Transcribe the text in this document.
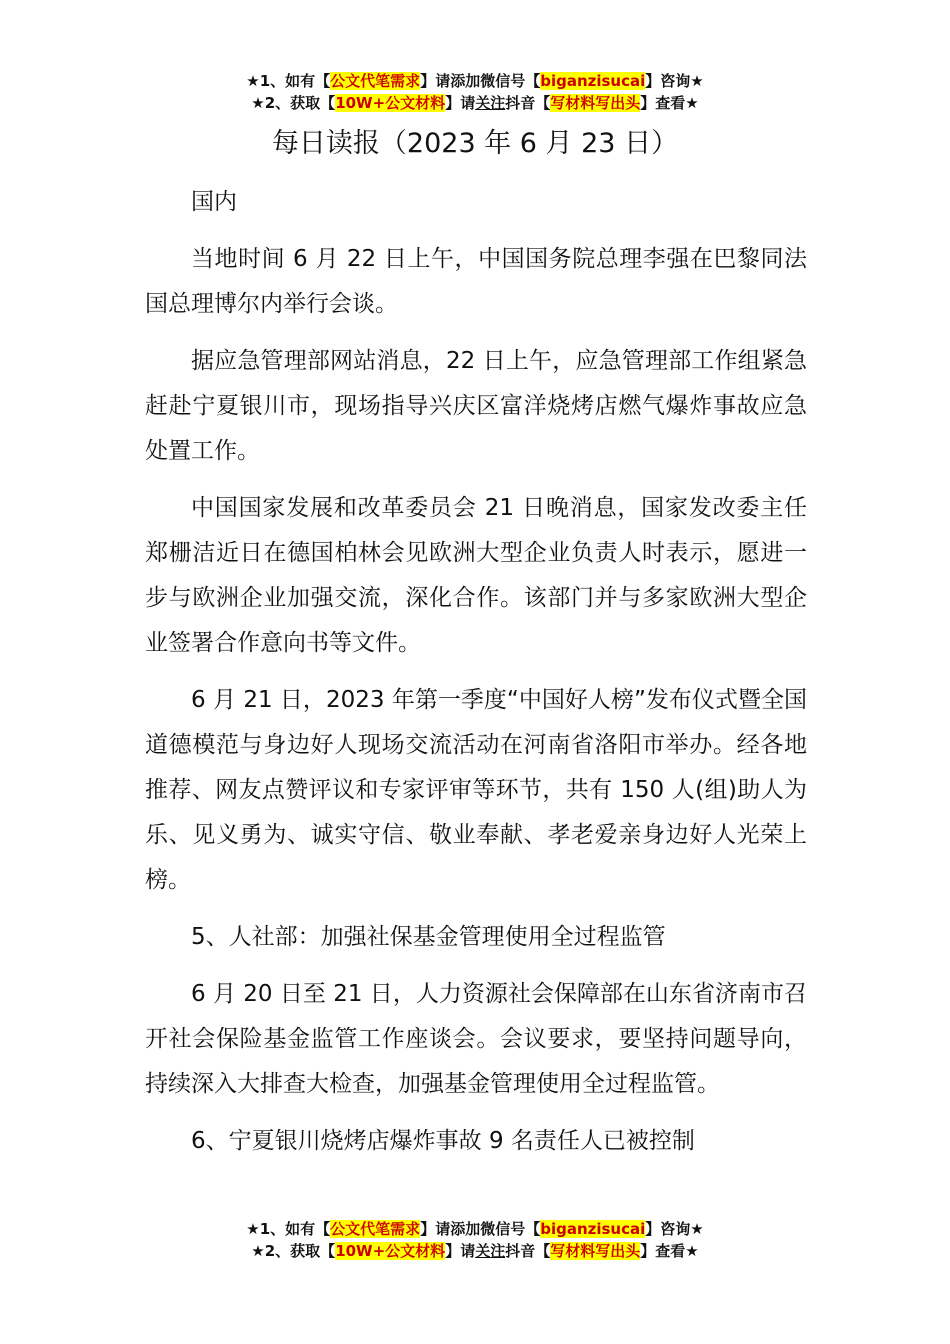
★1、如有【公文代笔需求】请添加微信号【biganzisucai】咨询★
★2、获取【10W+公文材料】请关注抖音【写材料写出头】查看★
每日读报（2023 年 6 月 23 日）

国内

当地时间 6 月 22 日上午，中国国务院总理李强在巴黎同法国总理博尔内举行会谈。

据应急管理部网站消息，22 日上午，应急管理部工作组紧急赶赴宁夏银川市，现场指导兴庆区富洋烧烤店燃气爆炸事故应急处置工作。

中国国家发展和改革委员会 21 日晚消息，国家发改委主任郑栅洁近日在德国柏林会见欧洲大型企业负责人时表示，愿进一步与欧洲企业加强交流，深化合作。该部门并与多家欧洲大型企业签署合作意向书等文件。

6 月 21 日，2023 年第一季度“中国好人榜”发布仪式暨全国道德模范与身边好人现场交流活动在河南省洛阳市举办。经各地推荐、网友点赞评议和专家评审等环节，共有 150 人(组)助人为乐、见义勇为、诚实守信、敬业奉献、孝老爱亲身边好人光荣上榜。

5、人社部：加强社保基金管理使用全过程监管

6 月 20 日至 21 日，人力资源社会保障部在山东省济南市召开社会保险基金监管工作座谈会。会议要求，要坚持问题导向，持续深入大排查大检查，加强基金管理使用全过程监管。

6、宁夏银川烧烤店爆炸事故 9 名责任人已被控制

★1、如有【公文代笔需求】请添加微信号【biganzisucai】咨询★
★2、获取【10W+公文材料】请关注抖音【写材料写出头】查看★
